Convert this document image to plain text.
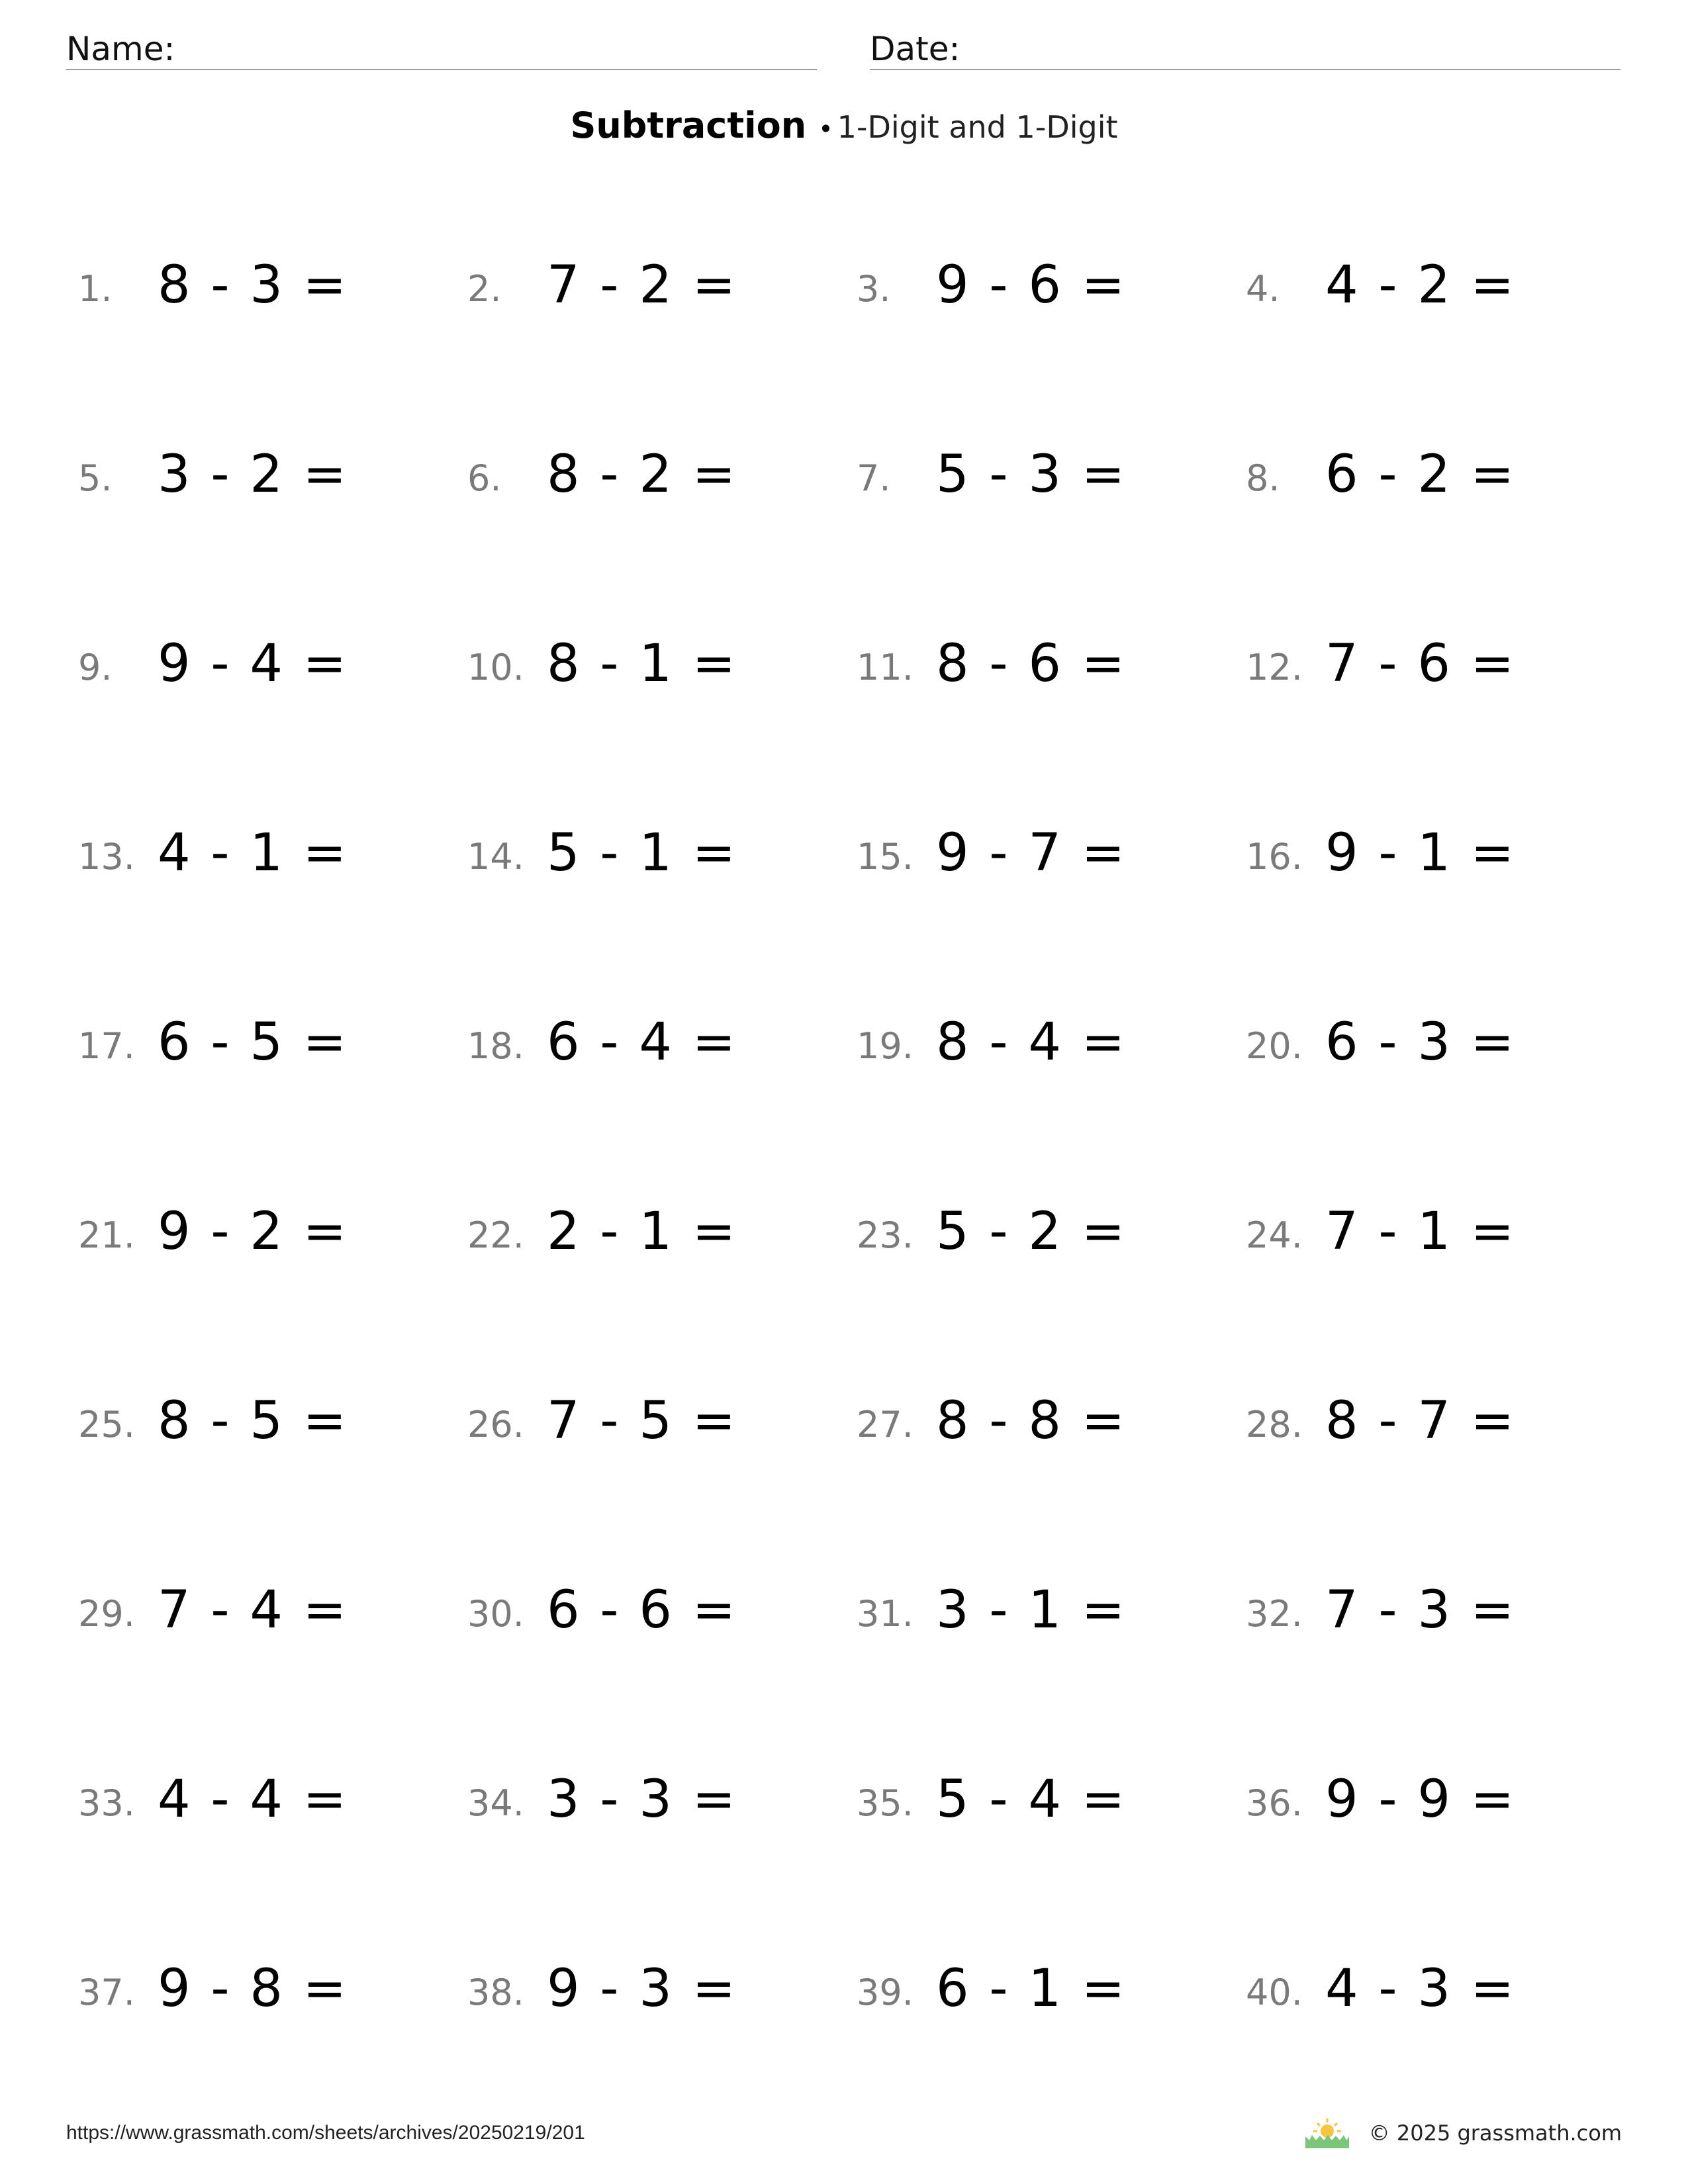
Name:	Date:
Subtraction • 1-Digit and 1-Digit
1. 8 - 3 =	2. 7 - 2 =	3. 9 - 6 =	4. 4 - 2 =
5. 3 - 2 =	6. 8 - 2 =	7. 5 - 3 =	8. 6 - 2 =
9. 9 - 4 =	10. 8 - 1 =	11. 8 - 6 =	12. 7 - 6 =
13. 4 - 1 =	14. 5 - 1 =	15. 9 - 7 =	16. 9 - 1 =
17. 6 - 5 =	18. 6 - 4 =	19. 8 - 4 =	20. 6 - 3 =
21. 9 - 2 =	22. 2 - 1 =	23. 5 - 2 =	24. 7 - 1 =
25. 8 - 5 =	26. 7 - 5 =	27. 8 - 8 =	28. 8 - 7 =
29. 7 - 4 =	30. 6 - 6 =	31. 3 - 1 =	32. 7 - 3 =
33. 4 - 4 =	34. 3 - 3 =	35. 5 - 4 =	36. 9 - 9 =
37. 9 - 8 =	38. 9 - 3 =	39. 6 - 1 =	40. 4 - 3 =
https://www.grassmath.com/sheets/archives/20250219/201	© 2025 grassmath.com
